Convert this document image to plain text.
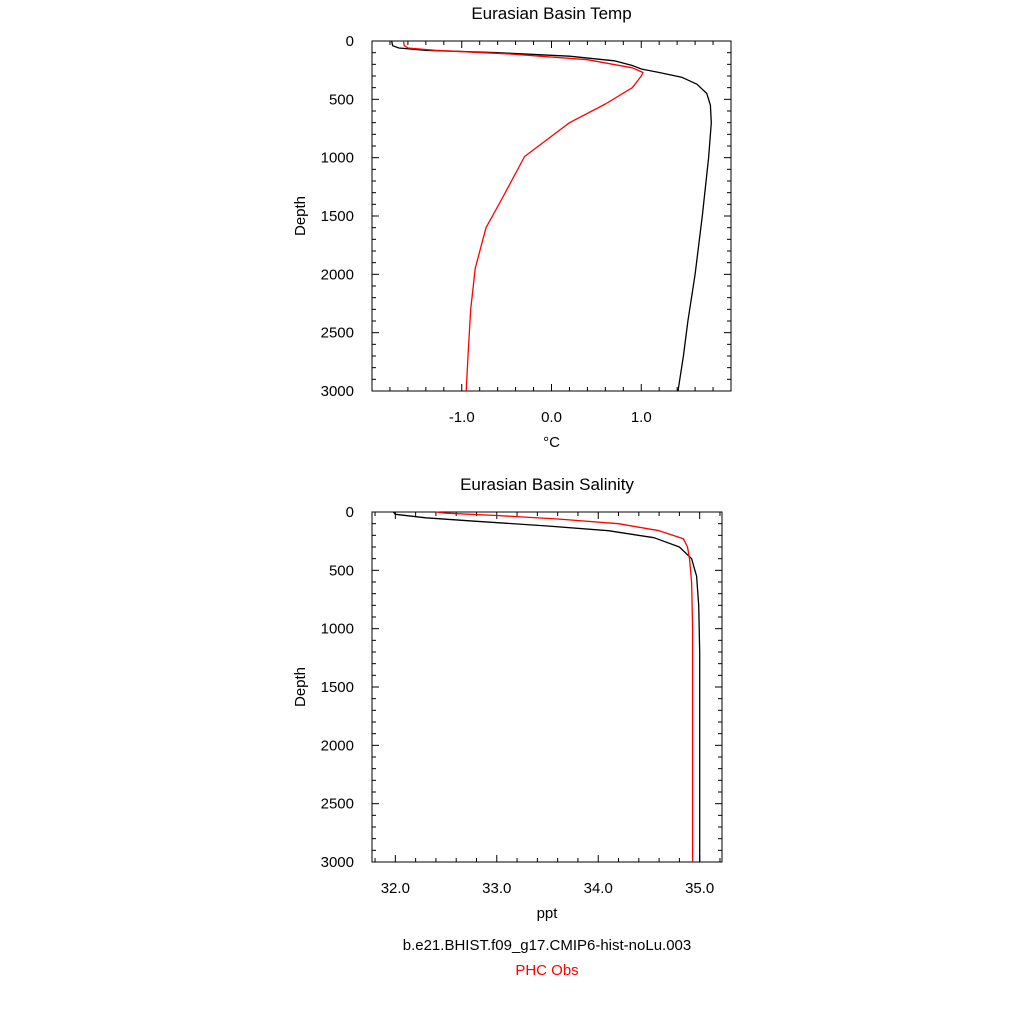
0
500
1000
1500
2000
2500
3000
-1.0	0.0	1.0
Eurasian Basin Temp
°C
Depth
0
500
1000
1500
2000
2500
3000
32.0	33.0	34.0	35.0
Eurasian Basin Salinity
ppt
Depth
b.e21.BHIST.f09_g17.CMIP6-hist-noLu.003
PHC Obs
